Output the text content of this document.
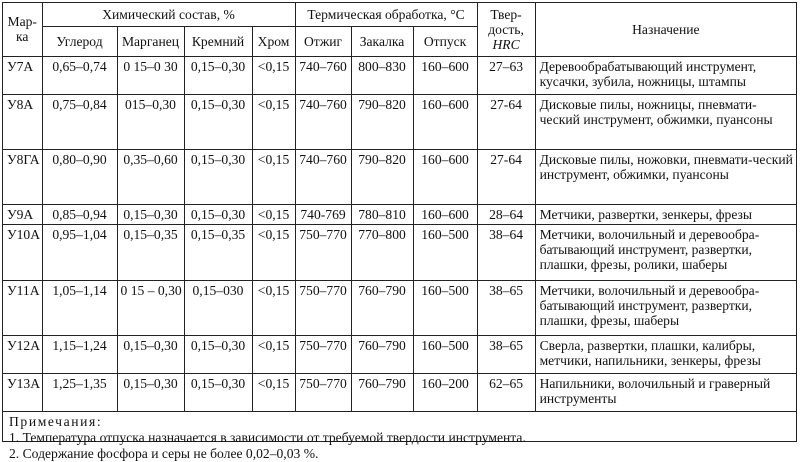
Мар-ка	Химический состав, %				Термическая обработка, °С			Твер-
дость,
HRC	Назначение
	Углерод	Марганец	Кремний	Хром	Отжиг	Закалка	Отпуск		
У7А	0,65–0,74	0 15–0 30	0,15–0,30	<0,15	740–760	800–830	160–600	27–63	Деревообрабатывающий инструмент, кусачки, зубила, ножницы, штампы
У8А	0,75–0,84	015–0,30	0,15–0,30	<0,15	740–760	790–820	160–600	27-64	Дисковые пилы, ножницы, пневмати-ческий инструмент, обжимки, пуансоны
У8ГА	0,80–0,90	0,35–0,60	0,15–0,30	<0,15	740–760	790–820	160–600	27-64	Дисковые пилы, ножовки, пневмати-ческий инструмент, обжимки, пуансоны
У9А	0,85–0,94	0,15–0,30	0,15–0,30	<0,15	740-769	780–810	160–600	28–64	Метчики, развертки, зенкеры, фрезы
У10А	0,95–1,04	0,15–0,35	0,15–0,35	<0,15	750–770	770–800	160–500	38–64	Метчики, волочильный и деревообра-батывающий инструмент, развертки, плашки, фрезы, ролики, шаберы
У11А	1,05–1,14	0 15 – 0,30	0,15–030	<0,15	750–770	760–790	160–500	38–65	Метчики, волочильный и деревообра-батывающий инструмент, развертки, плашки, фрезы, шаберы
У12А	1,15–1,24	0,15–0,30	0,15–0,30	<0,15	750–770	760–790	160–500	38–65	Сверла, развертки, плашки, калибры, метчики, напильники, зенкеры, фрезы
У13А	1,25–1,35	0,15–0,30	0,15–0,30	<0,15	750–770	760–790	160–200	62–65	Напильники, волочильный и граверный инструменты
Примечания:
1. Температура отпуска назначается в зависимости от требуемой твердости инструмента.
2. Содержание фосфора и серы не более 0,02–0,03 %.
